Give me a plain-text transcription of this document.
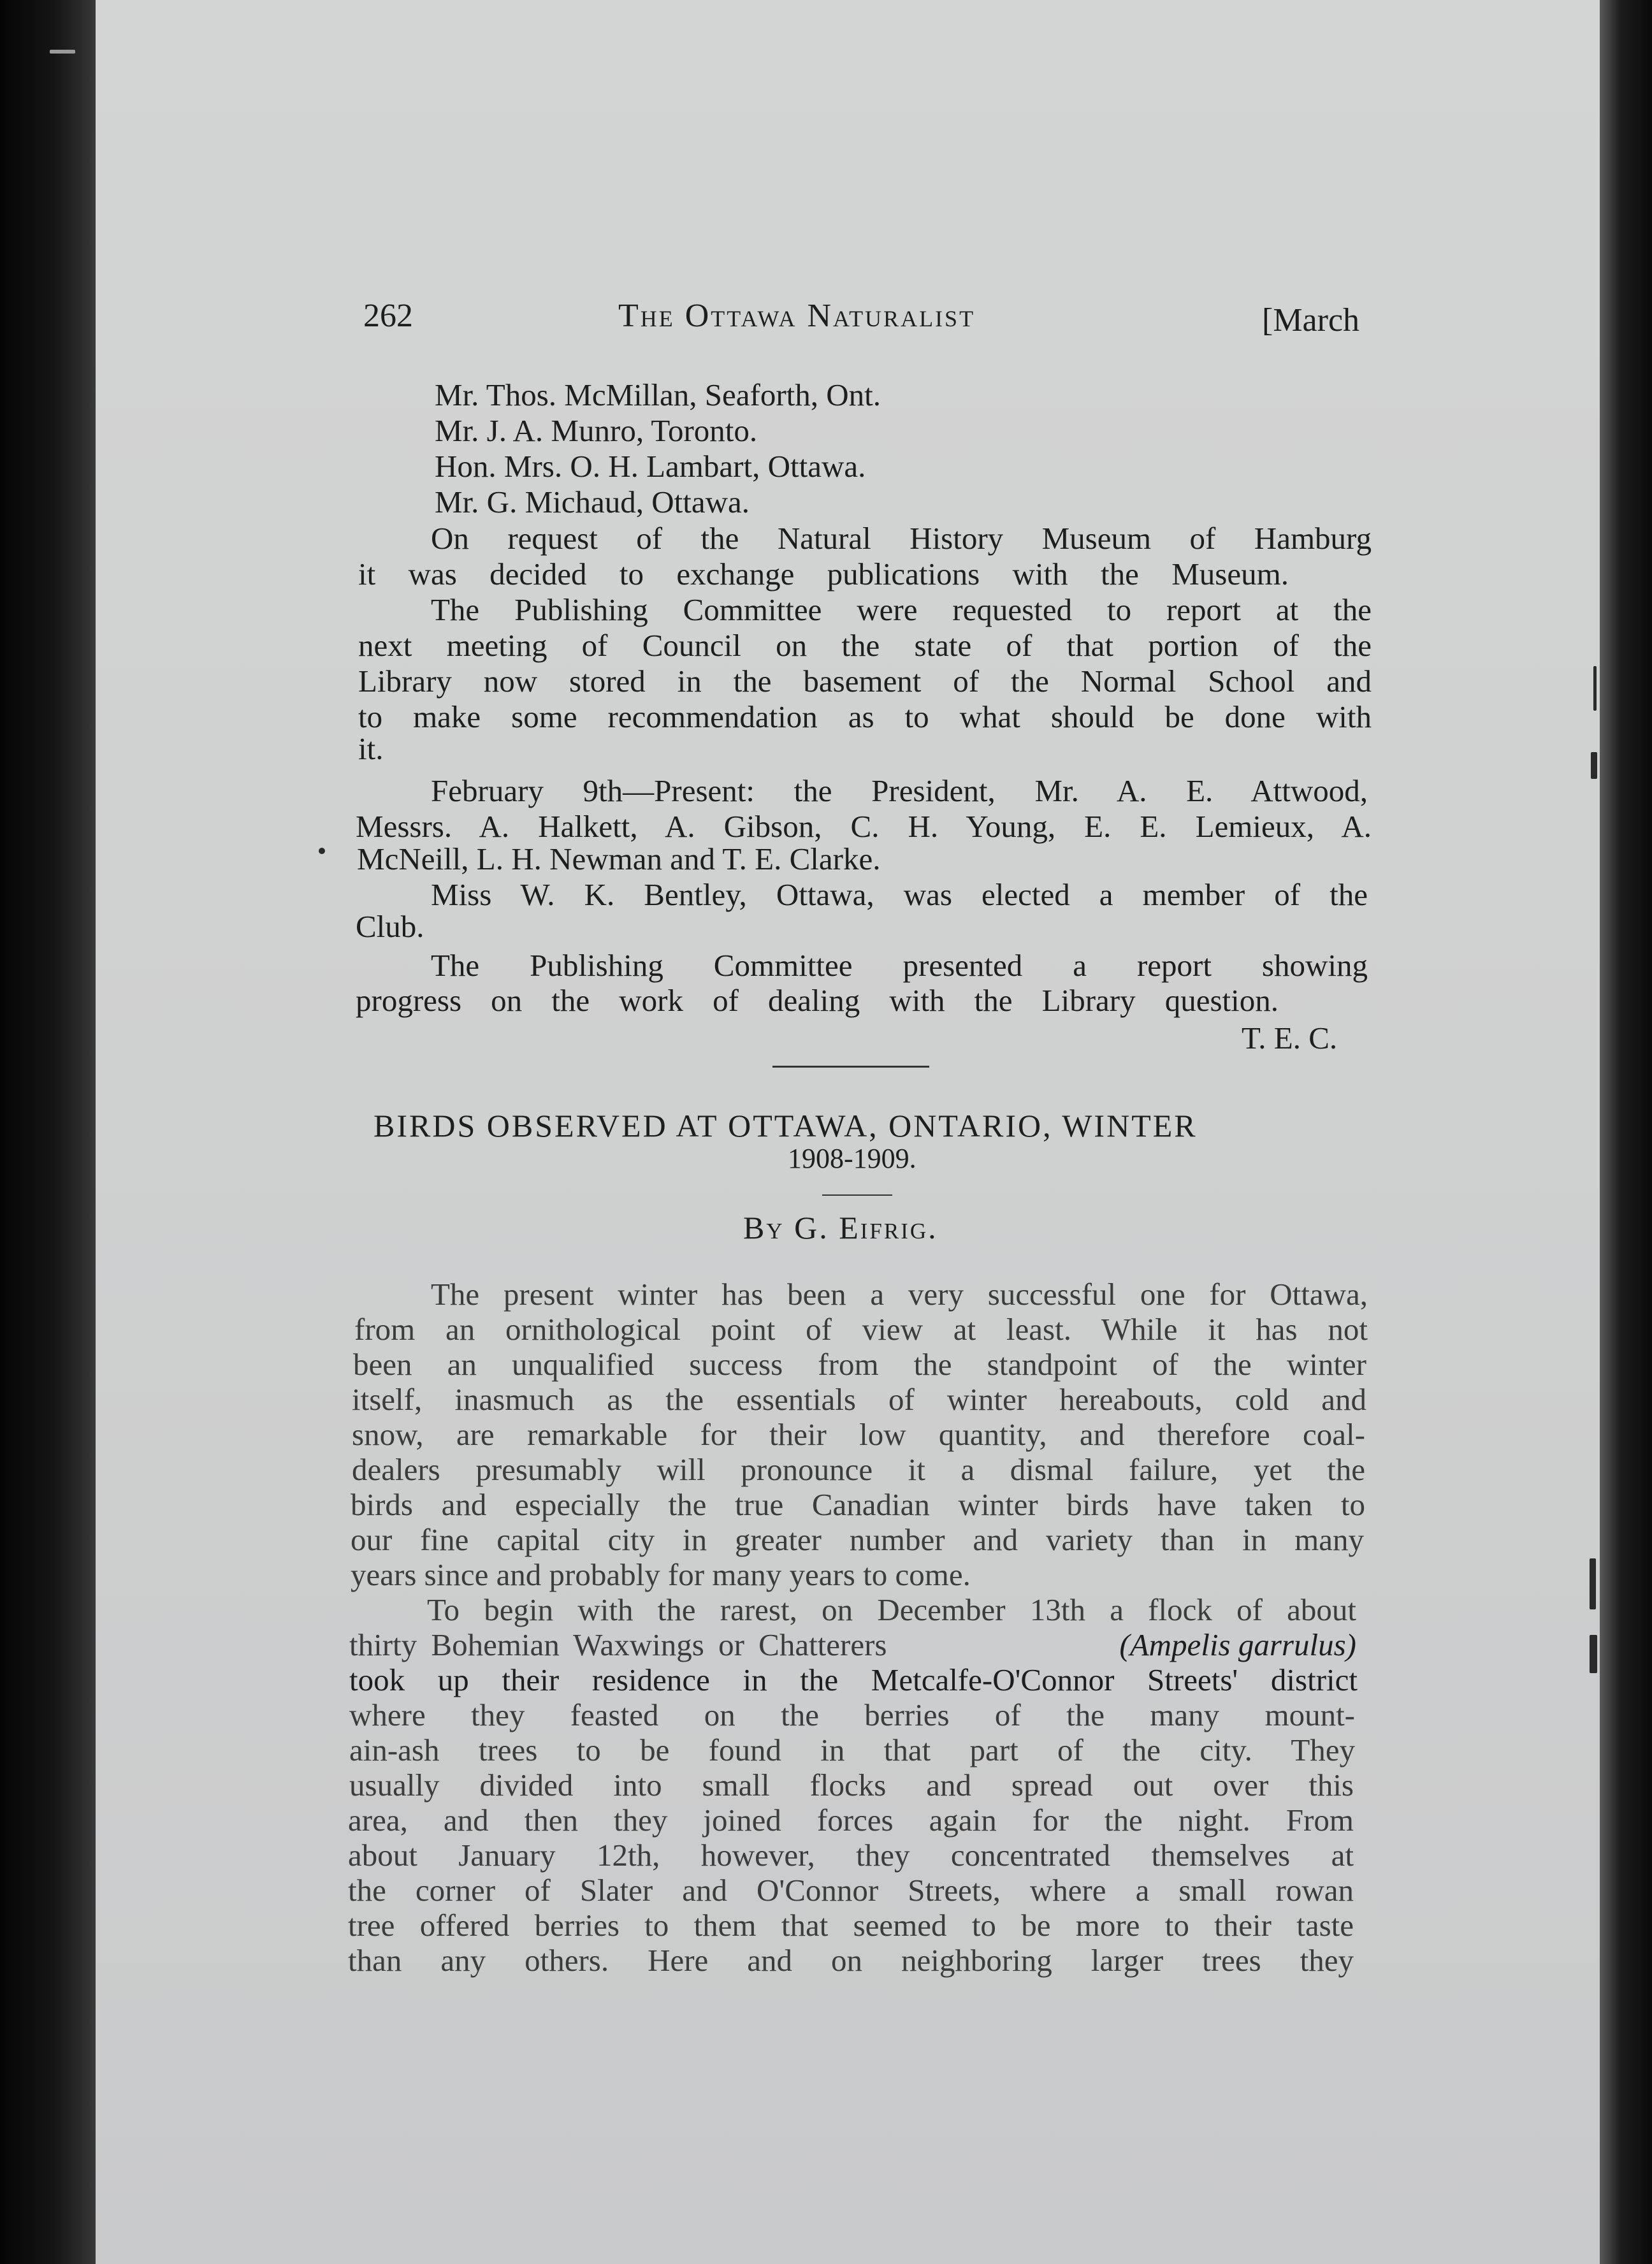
262	The Ottawa Naturalist	[March
Mr. Thos. McMillan, Seaforth, Ont.
Mr. J. A. Munro, Toronto.
Hon. Mrs. O. H. Lambart, Ottawa.
Mr. G. Michaud, Ottawa.
On request of the Natural History Museum of Hamburg
it was decided to exchange publications with the Museum.
The Publishing Committee were requested to report at the
next meeting of Council on the state of that portion of the
Library now stored in the basement of the Normal School and
to make some recommendation as to what should be done with
it.
February 9th—Present: the President, Mr. A. E. Attwood,
Messrs. A. Halkett, A. Gibson, C. H. Young, E. E. Lemieux, A.
McNeill, L. H. Newman and T. E. Clarke.
Miss W. K. Bentley, Ottawa, was elected a member of the
Club.
The Publishing Committee presented a report showing
progress on the work of dealing with the Library question.
T. E. C.
BIRDS OBSERVED AT OTTAWA, ONTARIO, WINTER
1908-1909.
By G. Eifrig.
The present winter has been a very successful one for Ottawa,
from an ornithological point of view at least. While it has not
been an unqualified success from the standpoint of the winter
itself, inasmuch as the essentials of winter hereabouts, cold and
snow, are remarkable for their low quantity, and therefore coal-
dealers presumably will pronounce it a dismal failure, yet the
birds and especially the true Canadian winter birds have taken to
our fine capital city in greater number and variety than in many
years since and probably for many years to come.
To begin with the rarest, on December 13th a flock of about
thirty Bohemian Waxwings or Chatterers	(Ampelis garrulus)
took up their residence in the Metcalfe-O'Connor Streets' district
where they feasted on the berries of the many mount-
ain-ash trees to be found in that part of the city. They
usually divided into small flocks and spread out over this
area, and then they joined forces again for the night. From
about January 12th, however, they concentrated themselves at
the corner of Slater and O'Connor Streets, where a small rowan
tree offered berries to them that seemed to be more to their taste
than any others. Here and on neighboring larger trees they
